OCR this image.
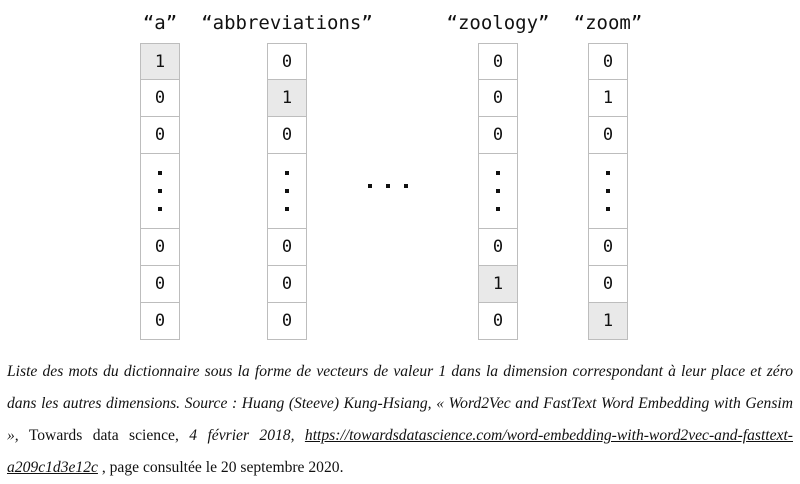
“a” “abbreviations”	“zoology” “zoom”
1
0
0
0
0
0
0
1
0
0
0
0
0
0
0
0
1
0
0
1
0
0
0
1
Liste des mots du dictionnaire sous la forme de vecteurs de valeur 1 dans la dimension correspondant à leur place et zéro dans les autres dimensions. Source : Huang (Steeve) Kung-Hsiang, « Word2Vec and FastText Word Embedding with Gensim », Towards data science, 4 février 2018, https://towardsdatascience.com/word-embedding-with-word2vec-and-fasttext-a209c1d3e12c , page consultée le 20 septembre 2020.
